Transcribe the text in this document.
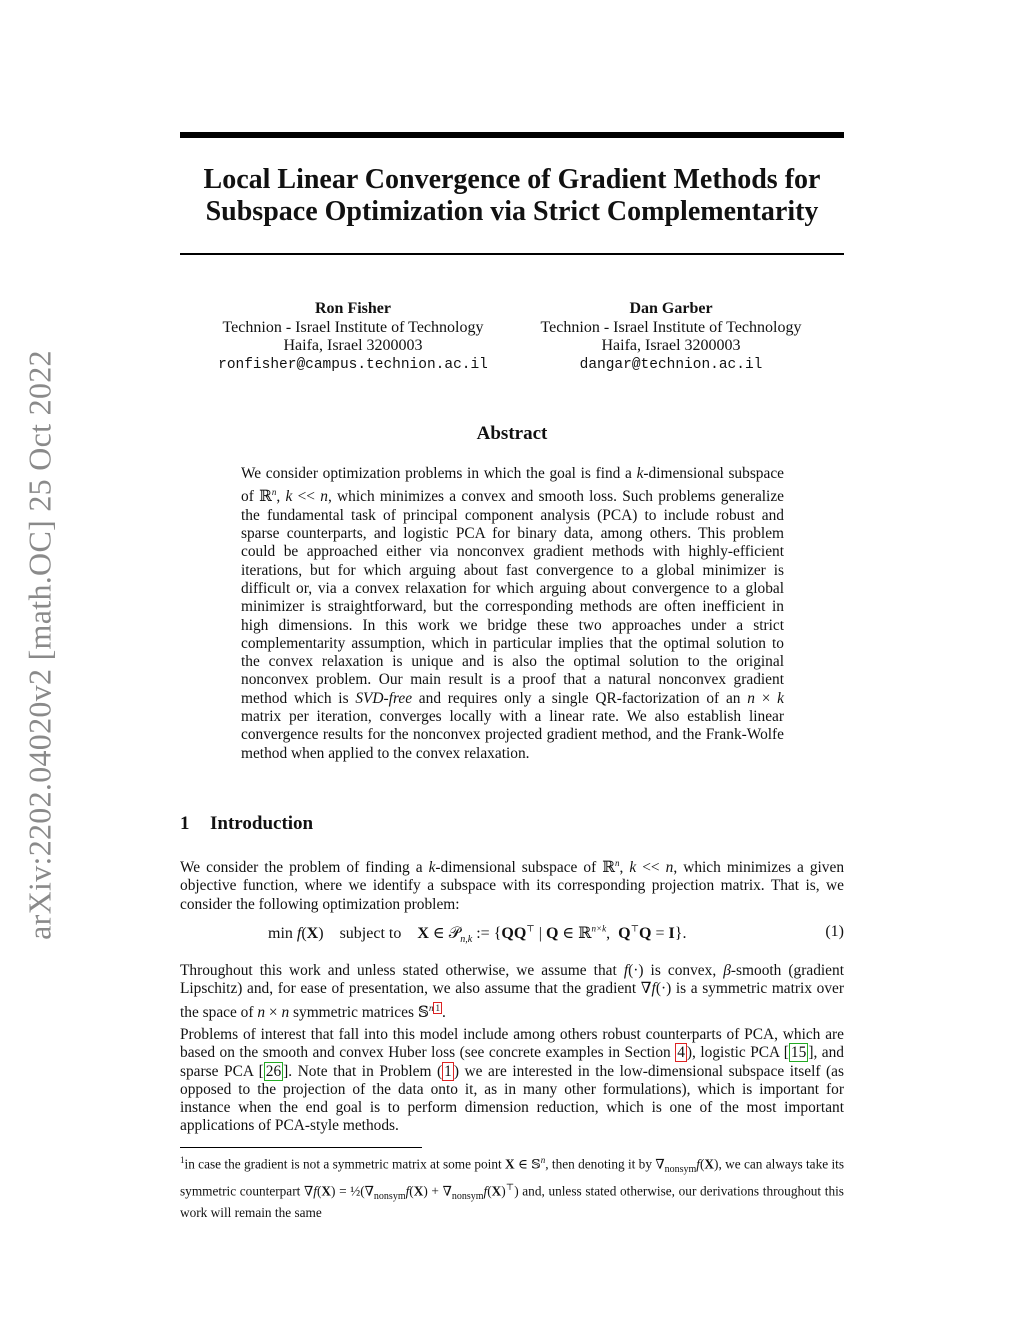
arXiv:2202.04020v2 [math.OC] 25 Oct 2022
Local Linear Convergence of Gradient Methods for
Subspace Optimization via Strict Complementarity
Ron Fisher
Technion - Israel Institute of Technology
Haifa, Israel 3200003
ronfisher@campus.technion.ac.il
Dan Garber
Technion - Israel Institute of Technology
Haifa, Israel 3200003
dangar@technion.ac.il
Abstract
We consider optimization problems in which the goal is find a k-dimensional subspace of ℝ$^n$, k << n, which minimizes a convex and smooth loss. Such problems generalize the fundamental task of principal component analysis (PCA) to include robust and sparse counterparts, and logistic PCA for binary data, among others. This problem could be approached either via nonconvex gradient methods with highly-efficient iterations, but for which arguing about fast convergence to a global minimizer is difficult or, via a convex relaxation for which arguing about convergence to a global minimizer is straightforward, but the corresponding methods are often inefficient in high dimensions. In this work we bridge these two approaches under a strict complementarity assumption, which in particular implies that the optimal solution to the convex relaxation is unique and is also the optimal solution to the original nonconvex problem. Our main result is a proof that a natural nonconvex gradient method which is SVD-free and requires only a single QR-factorization of an n × k matrix per iteration, converges locally with a linear rate. We also establish linear convergence results for the nonconvex projected gradient method, and the Frank-Wolfe method when applied to the convex relaxation.
1 Introduction
We consider the problem of finding a k-dimensional subspace of ℝ$^n$, k << n, which minimizes a given objective function, where we identify a subspace with its corresponding projection matrix. That is, we consider the following optimization problem:
min f(X)    subject to X ∈ 𝒫$_{n,k}$ := {QQ⊤ | Q ∈ ℝ$^{n\times k}$,  Q⊤Q = I}.	(1)
Throughout this work and unless stated otherwise, we assume that f(·) is convex, β-smooth (gradient Lipschitz) and, for ease of presentation, we also assume that the gradient ∇f(·) is a symmetric matrix over the space of n × n symmetric matrices 𝕊$^n$ $^1$ .
Problems of interest that fall into this model include among others robust counterparts of PCA, which are based on the smooth and convex Huber loss (see concrete examples in Section 4 ), logistic PCA [ 15 ], and sparse PCA [ 26 ]. Note that in Problem ( 1 ) we are interested in the low-dimensional subspace itself (as opposed to the projection of the data onto it, as in many other formulations), which is important for instance when the end goal is to perform dimension reduction, which is one of the most important applications of PCA-style methods.
$^1$in case the gradient is not a symmetric matrix at some point X ∈ 𝕊$^n$, then denoting it by $\nabla_{nonsym}f(X)$, we can always take its symmetric counterpart $\nabla f(X) = \frac{1}{2}(\nabla_{nonsym}f(X) + \nabla_{nonsym}f(X)^⊤)$ and, unless stated otherwise, our derivations throughout this work will remain the same
